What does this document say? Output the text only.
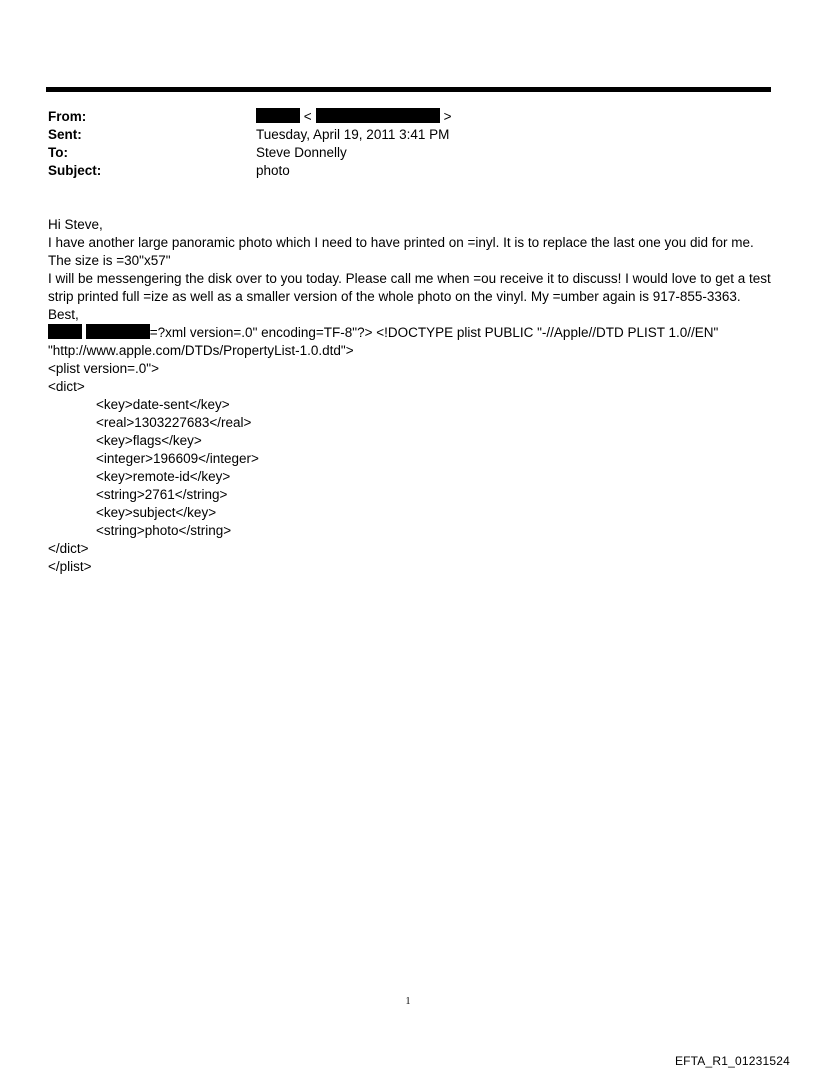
From:
Sent:
To:
Subject:
<	>
Tuesday, April 19, 2011 3:41 PM
Steve Donnelly
photo

Hi Steve,

I have another large panoramic photo which I need to have printed on =inyl. It is to replace the last one you did for me.

The size is =30"x57"

I will be messengering the disk over to you today. Please call me when =ou receive it to discuss! I would love to get a test

strip printed full =ize as well as a smaller version of the whole photo on the vinyl. My =umber again is 917-855-3363.

Best,

=?xml version=.0" encoding=TF-8"?> <!DOCTYPE plist PUBLIC "-//Apple//DTD PLIST 1.0//EN"

"http://www.apple.com/DTDs/PropertyList-1.0.dtd">

<plist version=.0">

<dict>

<key>date-sent</key>

<real>1303227683</real>

<key>flags</key>

<integer>196609</integer>

<key>remote-id</key>

<string>2761</string>

<key>subject</key>

<string>photo</string>

</dict>

</plist>

1
EFTA_R1_01231524
